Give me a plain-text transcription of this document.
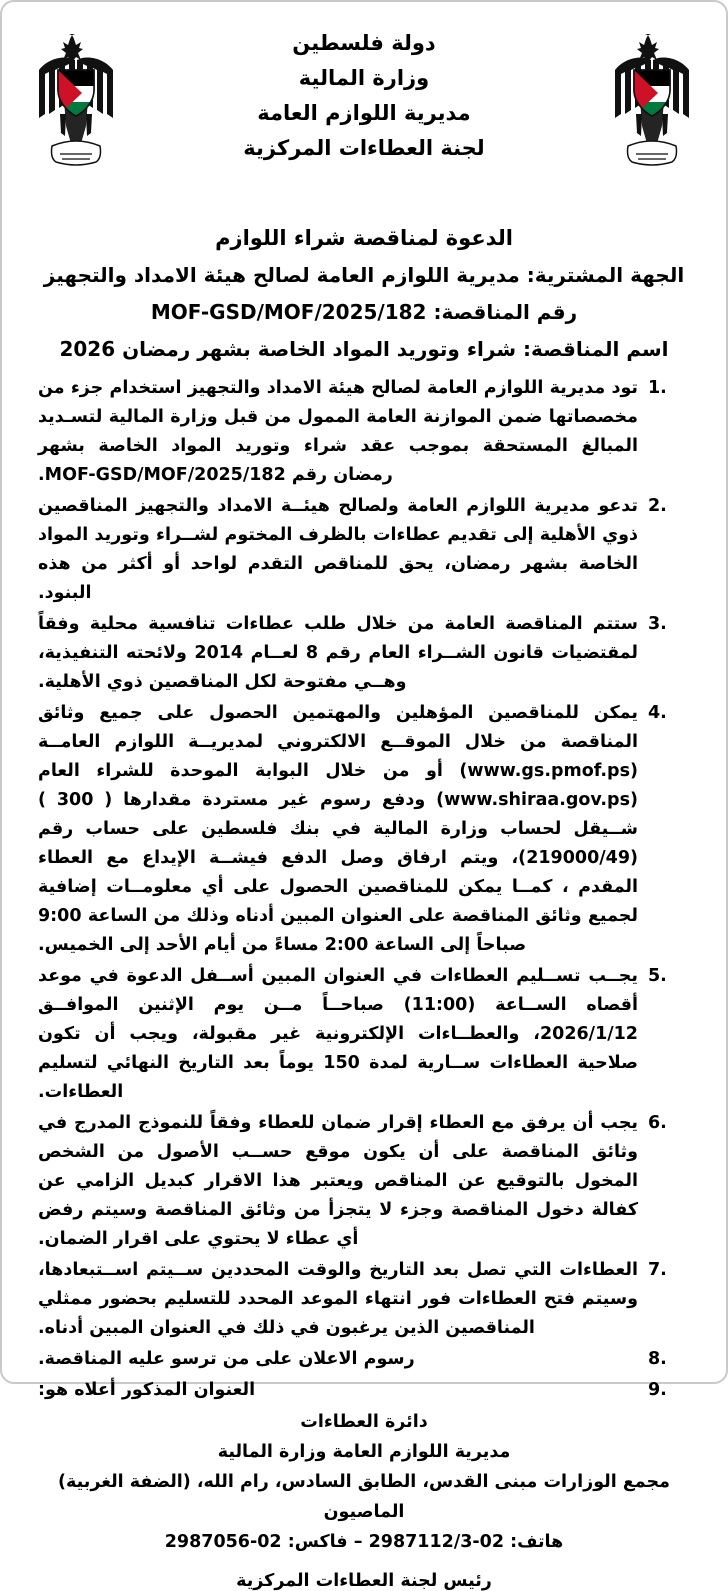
دولة فلسطين
وزارة المالية
مديرية اللوازم العامة
لجنة العطاءات المركزية
الدعوة لمناقصة شراء اللوازم
الجهة المشترية: مديرية اللوازم العامة لصالح هيئة الامداد والتجهيز
رقم المناقصة: MOF-GSD/MOF/2025/182
اسم المناقصة: شراء وتوريد المواد الخاصة بشهر رمضان 2026
1.
تود مديرية اللوازم العامة لصالح هيئة الامداد والتجهيز استخدام جزء من مخصصاتها ضمن الموازنة العامة الممول من قبل وزارة المالية لتسـديد المبالغ المستحقة بموجب عقد شراء وتوريد المواد الخاصة بشهر رمضان رقم MOF-GSD/MOF/2025/182.
2.
تدعو مديرية اللوازم العامة ولصالح هيئــة الامداد والتجهيز المناقصين ذوي الأهلية إلى تقديم عطاءات بالظرف المختوم لشــراء وتوريد المواد الخاصة بشهر رمضان، يحق للمناقص التقدم لواحد أو أكثر من هذه البنود.
3.
ستتم المناقصة العامة من خلال طلب عطاءات تنافسية محلية وفقاً لمقتضيات قانون الشــراء العام رقم 8 لعــام 2014 ولائحته التنفيذية، وهــي مفتوحة لكل المناقصين ذوي الأهلية.
4.
يمكن للمناقصين المؤهلين والمهتمين الحصول على جميع وثائق المناقصة من خلال الموقــع الالكتروني لمديريــة اللوازم العامــة (www.gs.pmof.ps) أو من خلال البوابة الموحدة للشراء العام (www.shiraa.gov.ps) ودفع رسوم غير مستردة مقدارها ( 300 ) شــيقل لحساب وزارة المالية في بنك فلسطين على حساب رقم (219000/49)، ويتم ارفاق وصل الدفع فيشــة الإيداع مع العطاء المقدم ، كمــا يمكن للمناقصين الحصول على أي معلومــات إضافية لجميع وثائق المناقصة على العنوان المبين أدناه وذلك من الساعة 9:00 صباحاً إلى الساعة 2:00 مساءً من أيام الأحد إلى الخميس.
5.
يجــب تســليم العطاءات في العنوان المبين أســفل الدعوة في موعد أقصاه الســاعة (11:00) صباحــاً مــن يوم الإثنين الموافــق 2026/1/12، والعطــاءات الإلكترونية غير مقبولة، ويجب أن تكون صلاحية العطاءات ســارية لمدة 150 يوماً بعد التاريخ النهائي لتسليم العطاءات.
6.
يجب أن يرفق مع العطاء إقرار ضمان للعطاء وفقاً للنموذج المدرج في وثائق المناقصة على أن يكون موقع حســب الأصول من الشخص المخول بالتوقيع عن المناقص ويعتبر هذا الاقرار كبديل الزامي عن كفالة دخول المناقصة وجزء لا يتجزأ من وثائق المناقصة وسيتم رفض أي عطاء لا يحتوي على اقرار الضمان.
7.
العطاءات التي تصل بعد التاريخ والوقت المحددين ســيتم اســتبعادها، وسيتم فتح العطاءات فور انتهاء الموعد المحدد للتسليم بحضور ممثلي المناقصين الذين يرغبون في ذلك في العنوان المبين أدناه.
8.
رسوم الاعلان على من ترسو عليه المناقصة.
9.
العنوان المذكور أعلاه هو:
دائرة العطاءات
مديرية اللوازم العامة وزارة المالية
مجمع الوزارات مبنى القدس، الطابق السادس، رام الله، (الضفة الغربية) الماصيون
هاتف: 02-2987112/3 – فاكس: 02-2987056
رئيس لجنة العطاءات المركزية
